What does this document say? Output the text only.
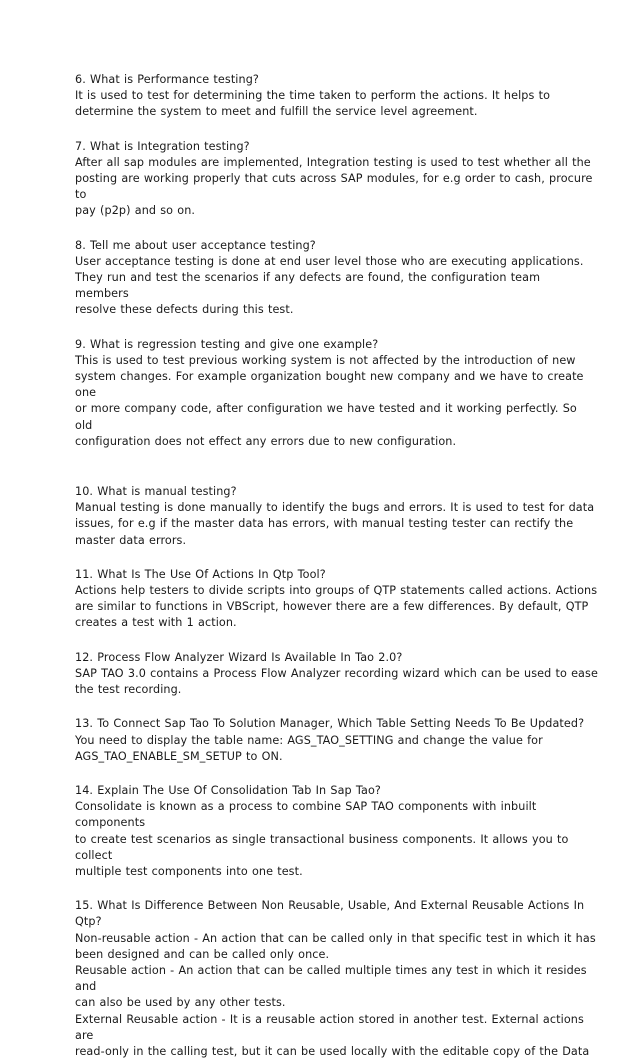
6. What is Performance testing?

It is used to test for determining the time taken to perform the actions. It helps to
determine the system to meet and fulfill the service level agreement.

7. What is Integration testing?

After all sap modules are implemented, Integration testing is used to test whether all the
posting are working properly that cuts across SAP modules, for e.g order to cash, procure to
pay (p2p) and so on.

8. Tell me about user acceptance testing?

User acceptance testing is done at end user level those who are executing applications.
They run and test the scenarios if any defects are found, the configuration team members
resolve these defects during this test.

9. What is regression testing and give one example?

This is used to test previous working system is not affected by the introduction of new
system changes. For example organization bought new company and we have to create one
or more company code, after configuration we have tested and it working perfectly. So old
configuration does not effect any errors due to new configuration.

10. What is manual testing?

Manual testing is done manually to identify the bugs and errors. It is used to test for data
issues, for e.g if the master data has errors, with manual testing tester can rectify the
master data errors.

11. What Is The Use Of Actions In Qtp Tool?

Actions help testers to divide scripts into groups of QTP statements called actions. Actions
are similar to functions in VBScript, however there are a few differences. By default, QTP
creates a test with 1 action.

12. Process Flow Analyzer Wizard Is Available In Tao 2.0?

SAP TAO 3.0 contains a Process Flow Analyzer recording wizard which can be used to ease
the test recording.

13. To Connect Sap Tao To Solution Manager, Which Table Setting Needs To Be Updated?

You need to display the table name: AGS_TAO_SETTING and change the value for
AGS_TAO_ENABLE_SM_SETUP to ON.

14. Explain The Use Of Consolidation Tab In Sap Tao?

Consolidate is known as a process to combine SAP TAO components with inbuilt components
to create test scenarios as single transactional business components. It allows you to collect
multiple test components into one test.

15. What Is Difference Between Non Reusable, Usable, And External Reusable Actions In
Qtp?

Non-reusable action - An action that can be called only in that specific test in which it has
been designed and can be called only once.
Reusable action - An action that can be called multiple times any test in which it resides and
can also be used by any other tests.
External Reusable action - It is a reusable action stored in another test. External actions are
read-only in the calling test, but it can be used locally with the editable copy of the Data
